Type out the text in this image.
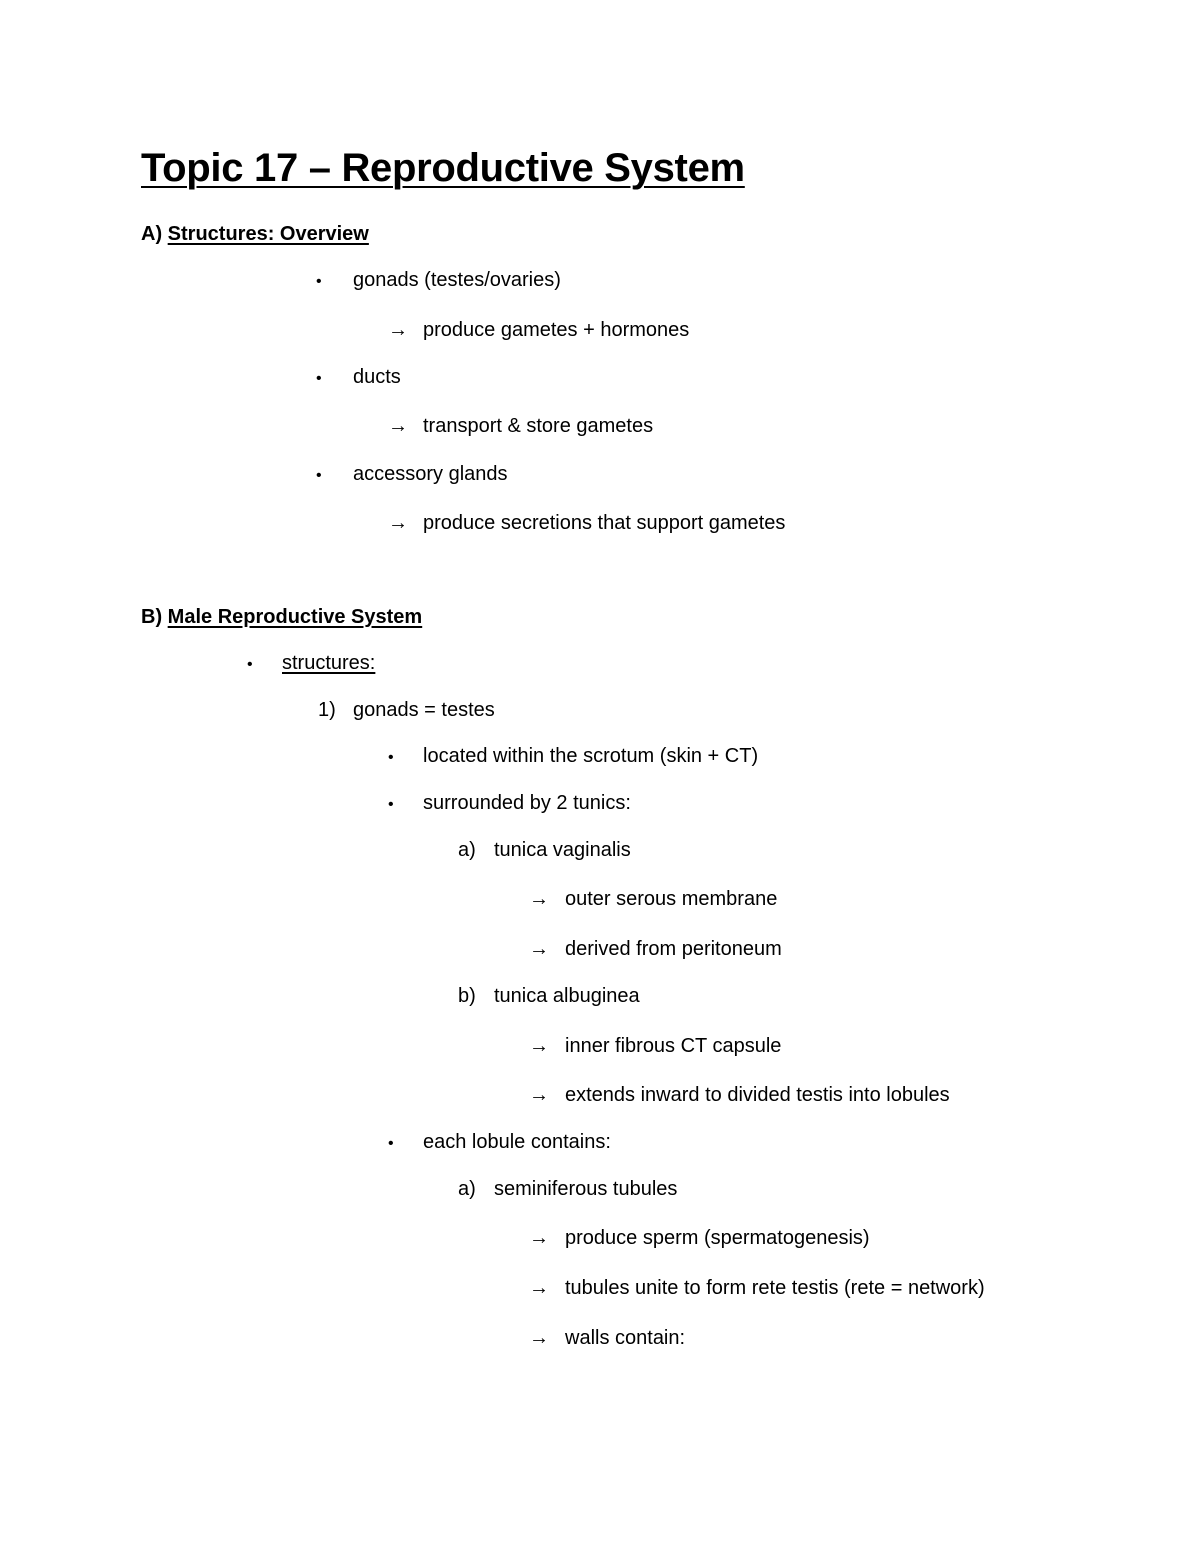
Topic 17 – Reproductive System
A) Structures: Overview
• gonads (testes/ovaries)
→ produce gametes + hormones
• ducts
→ transport & store gametes
• accessory glands
→ produce secretions that support gametes
B) Male Reproductive System
• structures:
1) gonads = testes
• located within the scrotum (skin + CT)
• surrounded by 2 tunics:
a) tunica vaginalis
→ outer serous membrane
→ derived from peritoneum
b) tunica albuginea
→ inner fibrous CT capsule
→ extends inward to divided testis into lobules
• each lobule contains:
a) seminiferous tubules
→ produce sperm (spermatogenesis)
→ tubules unite to form rete testis (rete = network)
→ walls contain:
